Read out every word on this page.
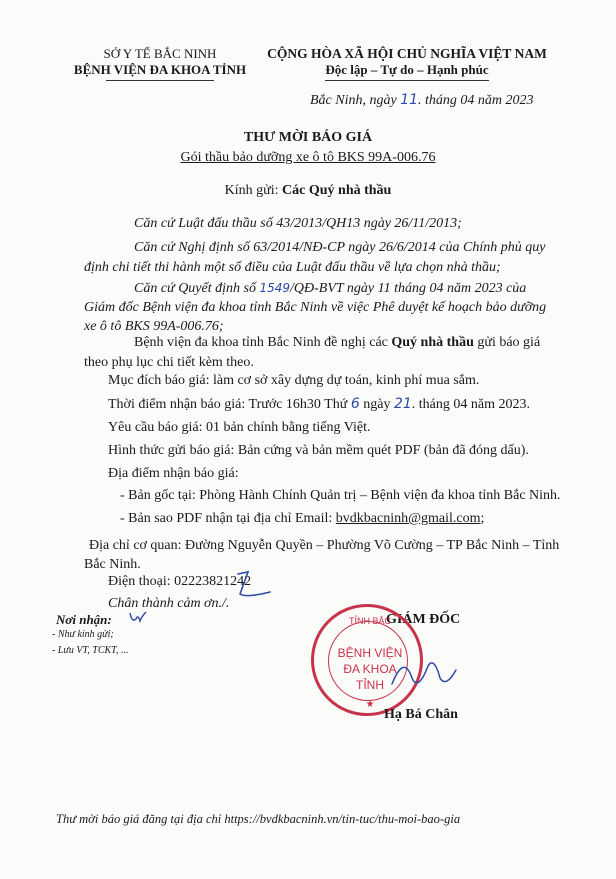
SỞ Y TẾ BẮC NINH
BỆNH VIỆN ĐA KHOA TỈNH
CỘNG HÒA XÃ HỘI CHỦ NGHĨA VIỆT NAM
Độc lập – Tự do – Hạnh phúc
Bắc Ninh, ngày 11. tháng 04 năm 2023
THƯ MỜI BÁO GIÁ
Gói thầu bảo dưỡng xe ô tô BKS 99A-006.76
Kính gửi: Các Quý nhà thầu
Căn cứ Luật đấu thầu số 43/2013/QH13 ngày 26/11/2013;
Căn cứ Nghị định số 63/2014/NĐ-CP ngày 26/6/2014 của Chính phủ quy định chi tiết thi hành một số điều của Luật đấu thầu về lựa chọn nhà thầu;
Căn cứ Quyết định số 1549/QĐ-BVT ngày 11 tháng 04 năm 2023 của Giám đốc Bệnh viện đa khoa tỉnh Bắc Ninh về việc Phê duyệt kế hoạch bảo dưỡng xe ô tô BKS 99A-006.76;
Bệnh viện đa khoa tỉnh Bắc Ninh đề nghị các Quý nhà thầu gửi báo giá theo phụ lục chi tiết kèm theo.
Mục đích báo giá: làm cơ sở xây dựng dự toán, kinh phí mua sắm.
Thời điểm nhận báo giá: Trước 16h30 Thứ 6 ngày 21. tháng 04 năm 2023.
Yêu cầu báo giá: 01 bản chính bằng tiếng Việt.
Hình thức gửi báo giá: Bản cứng và bản mềm quét PDF (bản đã đóng dấu).
Địa điểm nhận báo giá:
- Bản gốc tại: Phòng Hành Chính Quản trị – Bệnh viện đa khoa tỉnh Bắc Ninh.
- Bản sao PDF nhận tại địa chỉ Email: bvdkbacninh@gmail.com;
Địa chỉ cơ quan: Đường Nguyễn Quyền – Phường Võ Cường – TP Bắc Ninh – Tỉnh Bắc Ninh.
Điện thoại: 02223821242
Chân thành cảm ơn./.
Nơi nhận:
- Như kính gửi;
- Lưu VT, TCKT, ...
GIÁM ĐỐC
TỈNH BẮC
BỆNH VIỆN
ĐA KHOA
TỈNH
★
Hạ Bá Chân
Thư mời báo giá đăng tại địa chỉ https://bvdkbacninh.vn/tin-tuc/thu-moi-bao-gia
